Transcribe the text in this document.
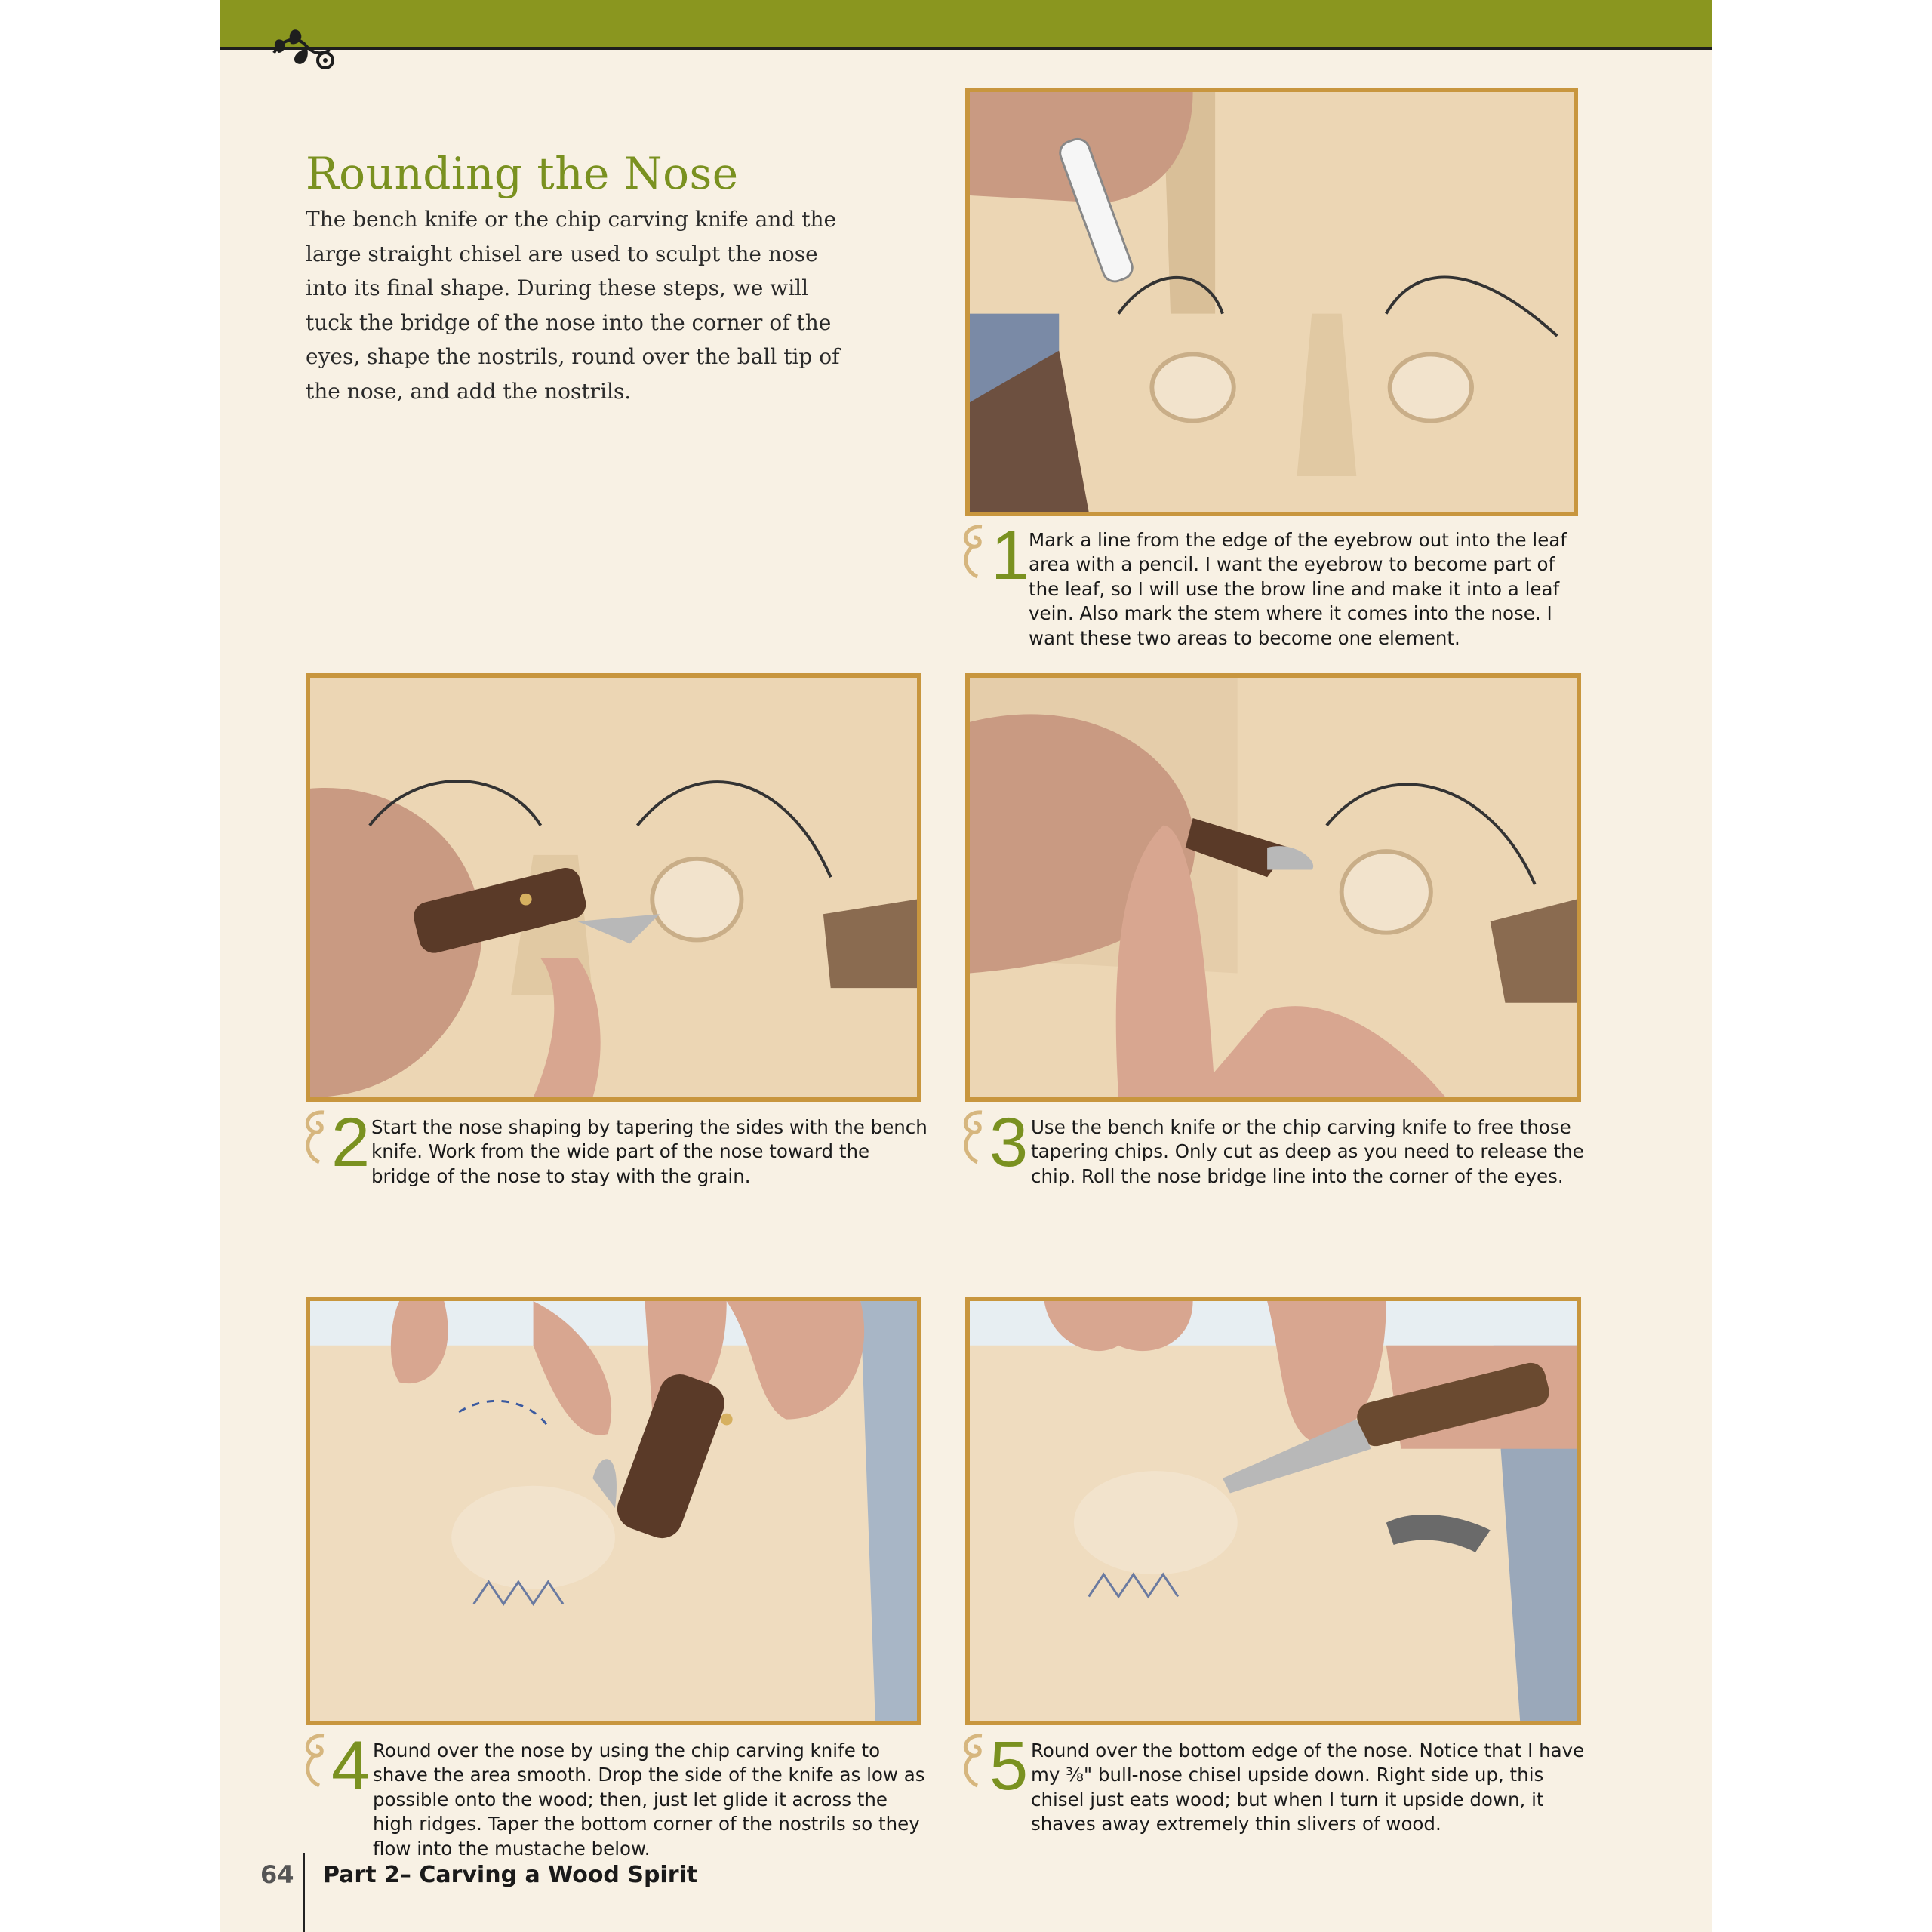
Rounding the Nose

The bench knife or the chip carving knife and the large straight chisel are used to sculpt the nose into its final shape. During these steps, we will tuck the bridge of the nose into the corner of the eyes, shape the nostrils, round over the ball tip of the nose, and add the nostrils.

1

Mark a line from the edge of the eyebrow out into the leaf area with a pencil. I want the eyebrow to become part of the leaf, so I will use the brow line and make it into a leaf vein. Also mark the stem where it comes into the nose. I want these two areas to become one element.

2 Start the nose shaping by tapering the sides with the bench knife. Work from the wide part of the nose toward the bridge of the nose to stay with the grain.	3 Use the bench knife or the chip carving knife to free those tapering chips. Only cut as deep as you need to release the chip. Roll the nose bridge line into the corner of the eyes.

4 Round over the nose by using the chip carving knife to shave the area smooth. Drop the side of the knife as low as possible onto the wood; then, just let glide it across the high ridges. Taper the bottom corner of the nostrils so they flow into the mustache below.

5 Round over the bottom edge of the nose. Notice that I have my ⅜" bull-nose chisel upside down. Right side up, this chisel just eats wood; but when I turn it upside down, it shaves away extremely thin slivers of wood.

64 Part 2– Carving a Wood Spirit
